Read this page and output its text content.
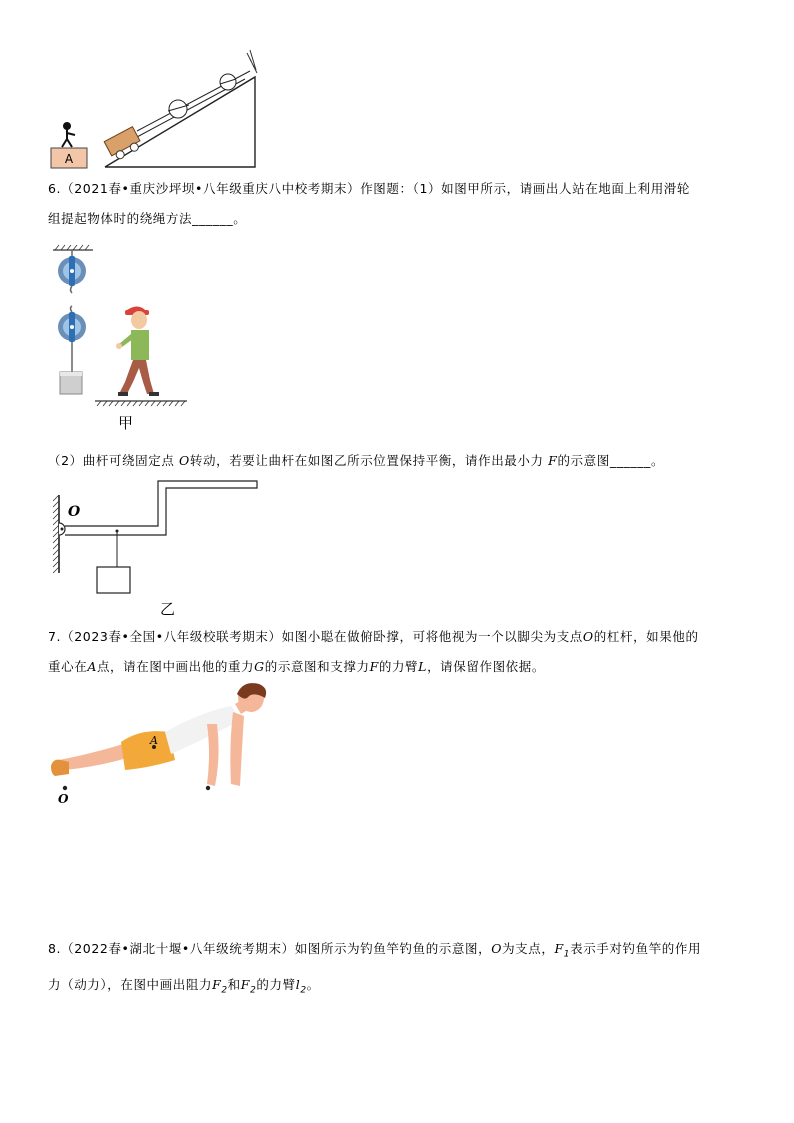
A
6.（2021春•重庆沙坪坝•八年级重庆八中校考期末）作图题：（1）如图甲所示，请画出人站在地面上利用滑轮
组提起物体时的绕绳方法______。
甲
（2）曲杆可绕固定点 O转动，若要让曲杆在如图乙所示位置保持平衡，请作出最小力 F的示意图______。
O
乙
7.（2023春•全国•八年级校联考期末）如图小聪在做俯卧撑，可将他视为一个以脚尖为支点O的杠杆，如果他的
重心在A点，请在图中画出他的重力G的示意图和支撑力F的力臂L，请保留作图依据。
A
O
8.（2022春•湖北十堰•八年级统考期末）如图所示为钓鱼竿钓鱼的示意图，O为支点，$F_1$表示手对钓鱼竿的作用
力（动力），在图中画出阻力$F_2$和$F_2$的力臂$l_2$。
